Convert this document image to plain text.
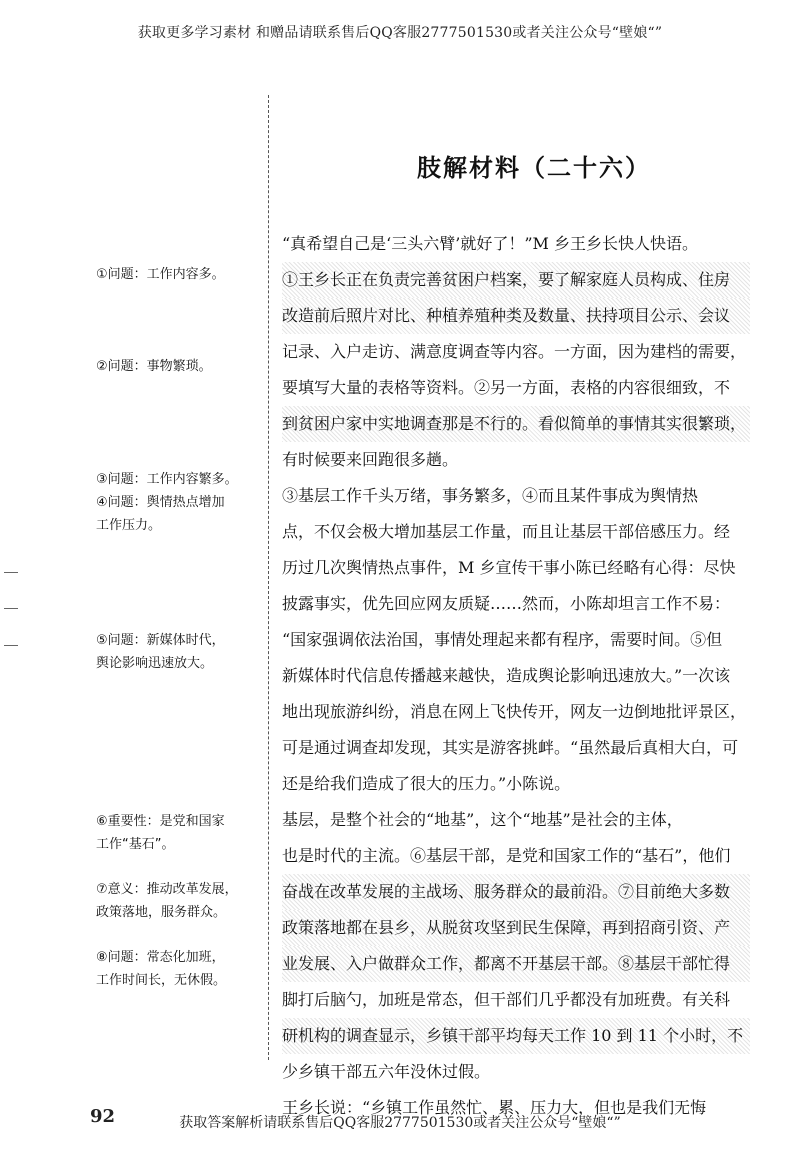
获取更多学习素材 和赠品请联系售后QQ客服2777501530或者关注公众号“壁娘“”
肢解材料（二十六）
①问题：工作内容多。
②问题：事物繁琐。
③问题：工作内容繁多。
④问题：舆情热点增加
工作压力。
⑤问题：新媒体时代，
舆论影响迅速放大。
⑥重要性：是党和国家
工作“基石”。
⑦意义：推动改革发展，
政策落地，服务群众。
⑧问题：常态化加班，
工作时间长，无休假。
“真希望自己是‘三头六臂’就好了！”M 乡王乡长快人快语。
①王乡长正在负责完善贫困户档案，要了解家庭人员构成、住房
改造前后照片对比、种植养殖种类及数量、扶持项目公示、会议
记录、入户走访、满意度调查等内容。一方面，因为建档的需要，
要填写大量的表格等资料。②另一方面，表格的内容很细致，不
到贫困户家中实地调查那是不行的。看似简单的事情其实很繁琐，
有时候要来回跑很多趟。
③基层工作千头万绪，事务繁多，④而且某件事成为舆情热
点，不仅会极大增加基层工作量，而且让基层干部倍感压力。经
历过几次舆情热点事件，M 乡宣传干事小陈已经略有心得：尽快
披露事实，优先回应网友质疑……然而，小陈却坦言工作不易：
“国家强调依法治国，事情处理起来都有程序，需要时间。⑤但
新媒体时代信息传播越来越快，造成舆论影响迅速放大。”一次该
地出现旅游纠纷，消息在网上飞快传开，网友一边倒地批评景区，
可是通过调查却发现，其实是游客挑衅。“虽然最后真相大白，可
还是给我们造成了很大的压力。”小陈说。
基层，是整个社会的“地基”，这个“地基”是社会的主体，
也是时代的主流。⑥基层干部，是党和国家工作的“基石”，他们
奋战在改革发展的主战场、服务群众的最前沿。⑦目前绝大多数
政策落地都在县乡，从脱贫攻坚到民生保障，再到招商引资、产
业发展、入户做群众工作，都离不开基层干部。⑧基层干部忙得
脚打后脑勺，加班是常态，但干部们几乎都没有加班费。有关科
研机构的调查显示，乡镇干部平均每天工作 10 到 11 个小时，不
少乡镇干部五六年没休过假。
王乡长说：“乡镇工作虽然忙、累、压力大，但也是我们无悔
92	获取答案解析请联系售后QQ客服2777501530或者关注公众号“壁娘“”
